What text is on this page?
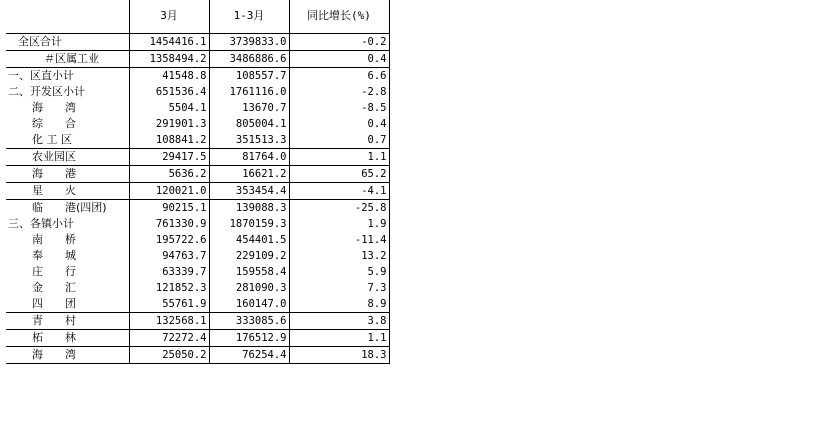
	3月	1-3月	同比增长(%)
全区合计	1454416.1	3739833.0	-0.2
＃区属工业	1358494.2	3486886.6	0.4
一、区直小计	41548.8	108557.7	6.6
二、开发区小计	651536.4	1761116.0	-2.8
海　　湾	5504.1	13670.7	-8.5
综　　合	291901.3	805004.1	0.4
化 工 区	108841.2	351513.3	0.7
农业园区	29417.5	81764.0	1.1
海　　港	5636.2	16621.2	65.2
星　　火	120021.0	353454.4	-4.1
临　　港(四团)	90215.1	139088.3	-25.8
三、各镇小计	761330.9	1870159.3	1.9
南　　桥	195722.6	454401.5	-11.4
奉　　城	94763.7	229109.2	13.2
庄　　行	63339.7	159558.4	5.9
金　　汇	121852.3	281090.3	7.3
四　　团	55761.9	160147.0	8.9
青　　村	132568.1	333085.6	3.8
柘　　林	72272.4	176512.9	1.1
海　　湾	25050.2	76254.4	18.3
